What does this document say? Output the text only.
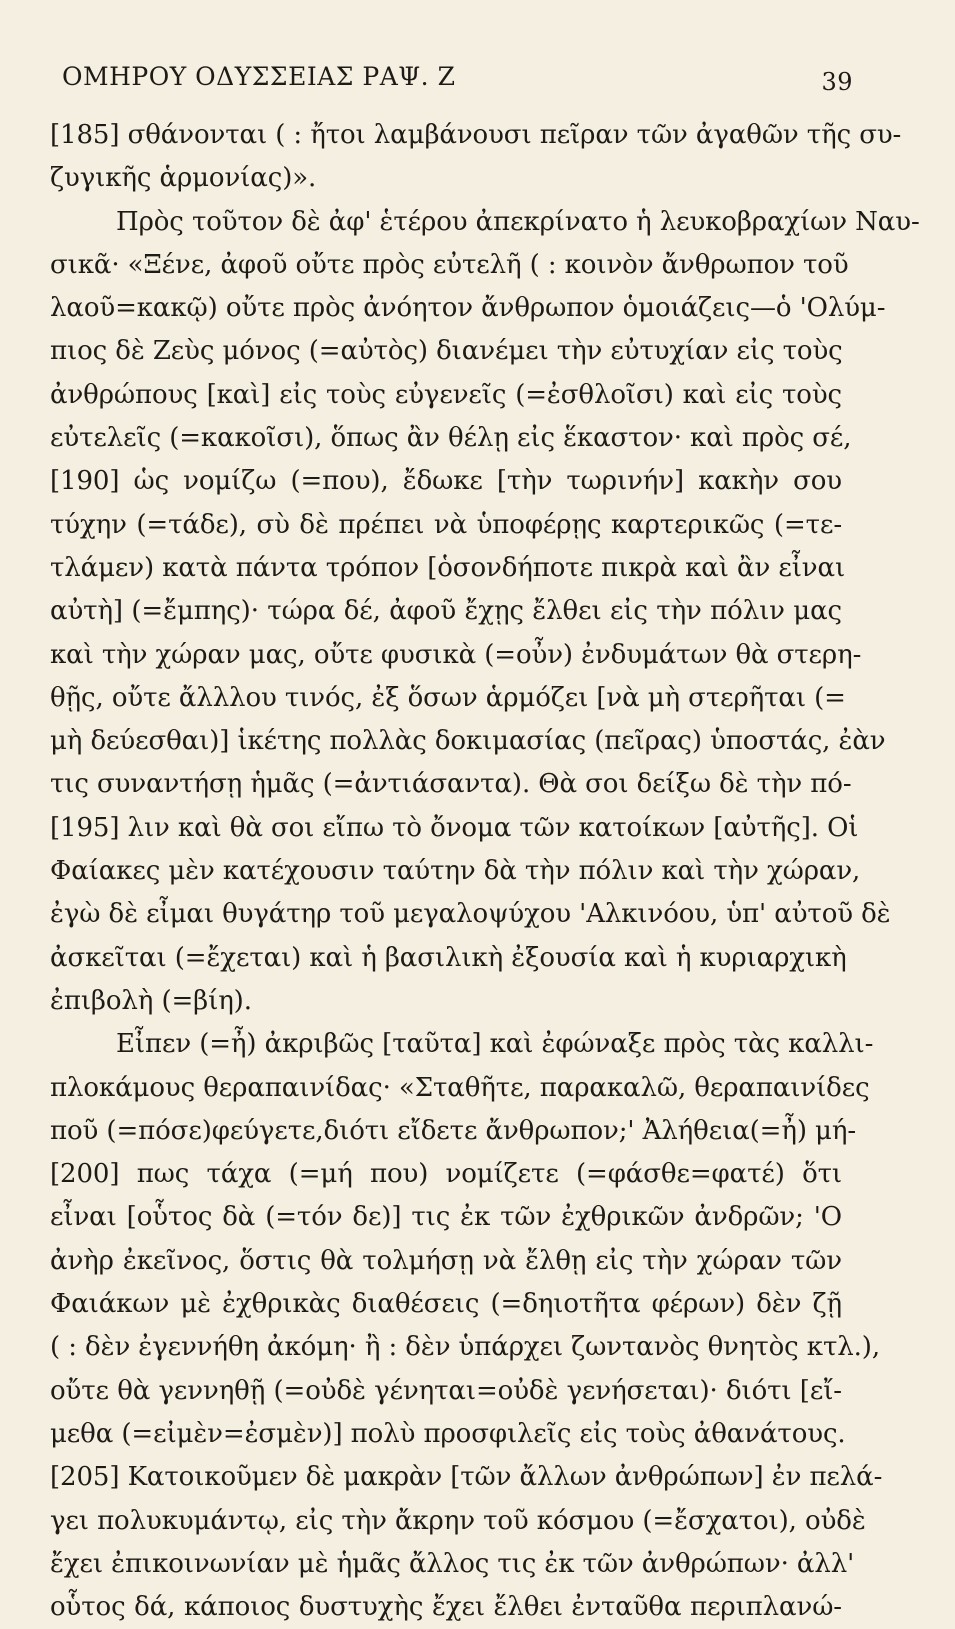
ΟΜΗΡΟΥ ΟΔΥΣΣΕΙΑΣ ΡΑΨ. Ζ	39
[185] σθάνονται ( : ἤτοι λαμβάνουσι πεῖραν τῶν ἀγαθῶν τῆς συ-
ζυγικῆς ἁρμονίας)».
Πρὸς τοῦτον δὲ ἀφ' ἑτέρου ἀπεκρίνατο ἡ λευκοβραχίων Ναυ-
σικᾶ· «Ξένε, ἀφοῦ οὔτε πρὸς εὐτελῆ ( : κοινὸν ἄνθρωπον τοῦ
λαοῦ=κακῷ) οὔτε πρὸς ἀνόητον ἄνθρωπον ὁμοιάζεις—ὁ 'Ολύμ-
πιος δὲ Ζεὺς μόνος (=αὐτὸς) διανέμει τὴν εὐτυχίαν εἰς τοὺς
ἀνθρώπους [καὶ] εἰς τοὺς εὐγενεῖς (=ἐσθλοῖσι) καὶ εἰς τοὺς
εὐτελεῖς (=κακοῖσι), ὅπως ἂν θέλῃ εἰς ἕκαστον· καὶ πρὸς σέ,
[190] ὡς νομίζω (=που), ἔδωκε [τὴν τωρινήν] κακὴν σου
τύχην (=τάδε), σὺ δὲ πρέπει νὰ ὑποφέρῃς καρτερικῶς (=τε-
τλάμεν) κατὰ πάντα τρόπον [ὁσονδήποτε πικρὰ καὶ ἂν εἶναι
αὐτὴ] (=ἔμπης)· τώρα δέ, ἀφοῦ ἔχῃς ἔλθει εἰς τὴν πόλιν μας
καὶ τὴν χώραν μας, οὔτε φυσικὰ (=οὖν) ἐνδυμάτων θὰ στερη-
θῇς, οὔτε ἄλλλου τινός, ἐξ ὅσων ἁρμόζει [νὰ μὴ στερῆται (=
μὴ δεύεσθαι)] ἱκέτης πολλὰς δοκιμασίας (πεῖρας) ὑποστάς, ἐὰν
τις συναντήσῃ ἡμᾶς (=ἀντιάσαντα). Θὰ σοι δείξω δὲ τὴν πό-
[195] λιν καὶ θὰ σοι εἴπω τὸ ὄνομα τῶν κατοίκων [αὐτῆς]. Οἱ
Φαίακες μὲν κατέχουσιν ταύτην δὰ τὴν πόλιν καὶ τὴν χώραν,
ἐγὼ δὲ εἶμαι θυγάτηρ τοῦ μεγαλοψύχου 'Αλκινόου, ὑπ' αὐτοῦ δὲ
ἀσκεῖται (=ἔχεται) καὶ ἡ βασιλικὴ ἐξουσία καὶ ἡ κυριαρχικὴ
ἐπιβολὴ (=βίη).
Εἶπεν (=ἦ) ἀκριβῶς [ταῦτα] καὶ ἐφώναξε πρὸς τὰς καλλι-
πλοκάμους θεραπαινίδας· «Σταθῆτε, παρακαλῶ, θεραπαινίδες
ποῦ (=πόσε)φεύγετε,διότι εἴδετε ἄνθρωπον;' Ἀλήθεια(=ἦ) μή-
[200] πως τάχα (=μή που) νομίζετε (=φάσθε=φατέ) ὅτι
εἶναι [οὗτος δὰ (=τόν δε)] τις ἐκ τῶν ἐχθρικῶν ἀνδρῶν; 'Ο
ἀνὴρ ἐκεῖνος, ὅστις θὰ τολμήσῃ νὰ ἔλθῃ εἰς τὴν χώραν τῶν
Φαιάκων μὲ ἐχθρικὰς διαθέσεις (=δηιοτῆτα φέρων) δὲν ζῇ
( : δὲν ἐγεννήθη ἀκόμη· ἢ : δὲν ὑπάρχει ζωντανὸς θνητὸς κτλ.),
οὔτε θὰ γεννηθῇ (=οὐδὲ γένηται=οὐδὲ γενήσεται)· διότι [εἴ-
μεθα (=εἰμὲν=ἐσμὲν)] πολὺ προσφιλεῖς εἰς τοὺς ἀθανάτους.
[205] Κατοικοῦμεν δὲ μακρὰν [τῶν ἄλλων ἀνθρώπων] ἐν πελά-
γει πολυκυμάντῳ, εἰς τὴν ἄκρην τοῦ κόσμου (=ἔσχατοι), οὐδὲ
ἔχει ἐπικοινωνίαν μὲ ἡμᾶς ἄλλος τις ἐκ τῶν ἀνθρώπων· ἀλλ'
οὗτος δά, κάποιος δυστυχὴς ἔχει ἔλθει ἐνταῦθα περιπλανώ-
